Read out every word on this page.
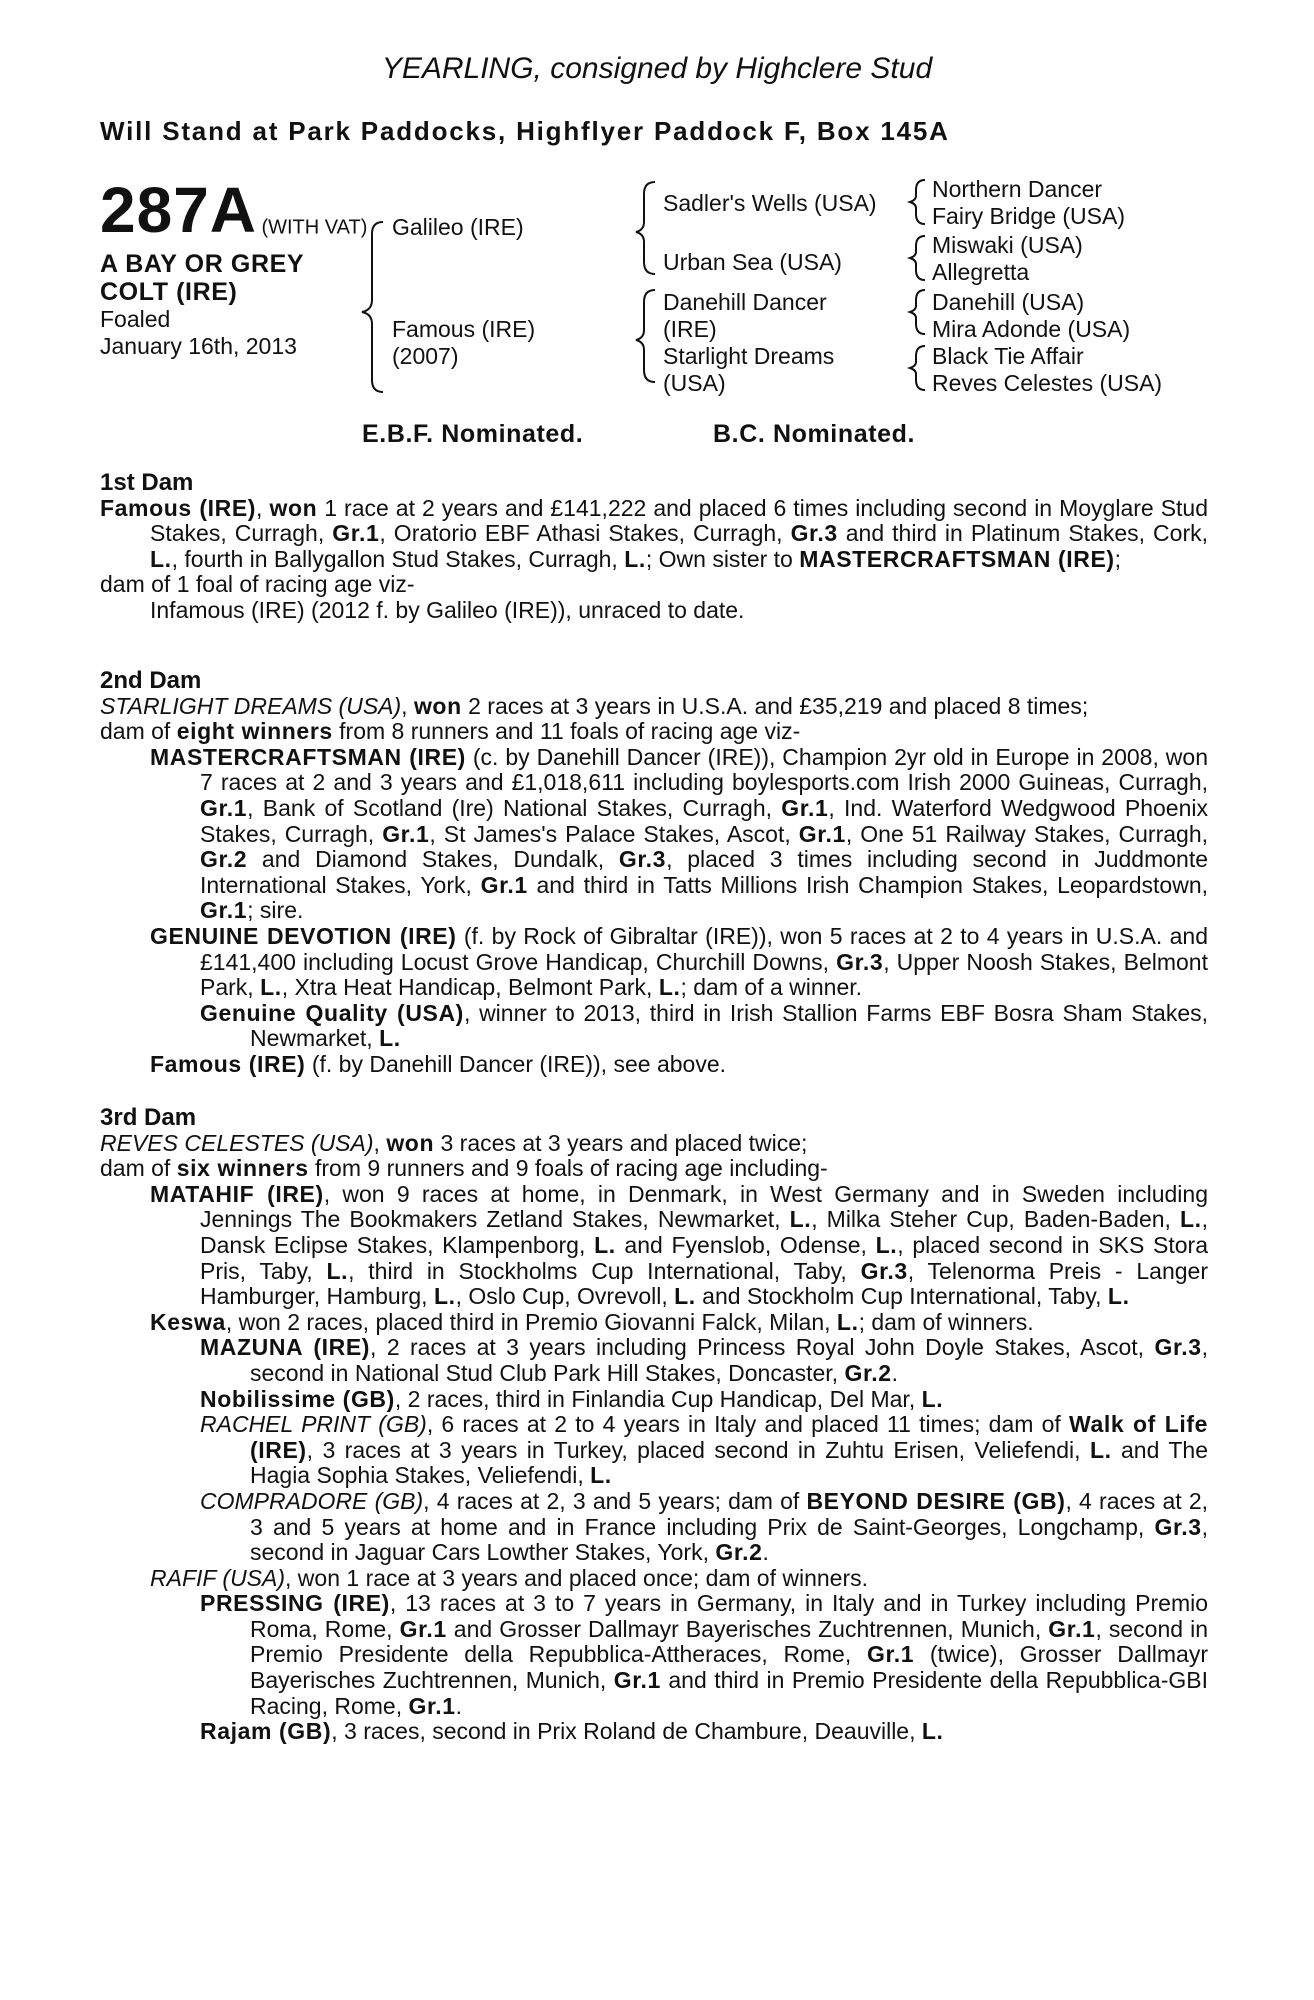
YEARLING, consigned by Highclere Stud
Will Stand at Park Paddocks, Highflyer Paddock F, Box 145A
287A (WITH VAT)
A BAY OR GREY
COLT (IRE)
Foaled
January 16th, 2013
Galileo (IRE)
Famous (IRE)
(2007)
Sadler's Wells (USA)
Urban Sea (USA)
Danehill Dancer
(IRE)
Starlight Dreams
(USA)
Northern Dancer
Fairy Bridge (USA)
Miswaki (USA)
Allegretta
Danehill (USA)
Mira Adonde (USA)
Black Tie Affair
Reves Celestes (USA)
E.B.F. Nominated.	B.C. Nominated.

1st Dam

Famous (IRE), won 1 race at 2 years and £141,222 and placed 6 times including second in Moyglare Stud Stakes, Curragh, Gr.1, Oratorio EBF Athasi Stakes, Curragh, Gr.3 and third in Platinum Stakes, Cork, L., fourth in Ballygallon Stud Stakes, Curragh, L.; Own sister to MASTERCRAFTSMAN (IRE);

dam of 1 foal of racing age viz-

Infamous (IRE) (2012 f. by Galileo (IRE)), unraced to date.

2nd Dam

STARLIGHT DREAMS (USA), won 2 races at 3 years in U.S.A. and £35,219 and placed 8 times;

dam of eight winners from 8 runners and 11 foals of racing age viz-

MASTERCRAFTSMAN (IRE) (c. by Danehill Dancer (IRE)), Champion 2yr old in Europe in 2008, won 7 races at 2 and 3 years and £1,018,611 including boylesports.com Irish 2000 Guineas, Curragh, Gr.1, Bank of Scotland (Ire) National Stakes, Curragh, Gr.1, Ind. Waterford Wedgwood Phoenix Stakes, Curragh, Gr.1, St James's Palace Stakes, Ascot, Gr.1, One 51 Railway Stakes, Curragh, Gr.2 and Diamond Stakes, Dundalk, Gr.3, placed 3 times including second in Juddmonte International Stakes, York, Gr.1 and third in Tatts Millions Irish Champion Stakes, Leopardstown, Gr.1; sire.

GENUINE DEVOTION (IRE) (f. by Rock of Gibraltar (IRE)), won 5 races at 2 to 4 years in U.S.A. and £141,400 including Locust Grove Handicap, Churchill Downs, Gr.3, Upper Noosh Stakes, Belmont Park, L., Xtra Heat Handicap, Belmont Park, L.; dam of a winner.

Genuine Quality (USA), winner to 2013, third in Irish Stallion Farms EBF Bosra Sham Stakes, Newmarket, L.

Famous (IRE) (f. by Danehill Dancer (IRE)), see above.

3rd Dam

REVES CELESTES (USA), won 3 races at 3 years and placed twice;

dam of six winners from 9 runners and 9 foals of racing age including-

MATAHIF (IRE), won 9 races at home, in Denmark, in West Germany and in Sweden including Jennings The Bookmakers Zetland Stakes, Newmarket, L., Milka Steher Cup, Baden-Baden, L., Dansk Eclipse Stakes, Klampenborg, L. and Fyenslob, Odense, L., placed second in SKS Stora Pris, Taby, L., third in Stockholms Cup International, Taby, Gr.3, Telenorma Preis - Langer Hamburger, Hamburg, L., Oslo Cup, Ovrevoll, L. and Stockholm Cup International, Taby, L.

Keswa, won 2 races, placed third in Premio Giovanni Falck, Milan, L.; dam of winners.

MAZUNA (IRE), 2 races at 3 years including Princess Royal John Doyle Stakes, Ascot, Gr.3, second in National Stud Club Park Hill Stakes, Doncaster, Gr.2.

Nobilissime (GB), 2 races, third in Finlandia Cup Handicap, Del Mar, L.

RACHEL PRINT (GB), 6 races at 2 to 4 years in Italy and placed 11 times; dam of Walk of Life (IRE), 3 races at 3 years in Turkey, placed second in Zuhtu Erisen, Veliefendi, L. and The Hagia Sophia Stakes, Veliefendi, L.

COMPRADORE (GB), 4 races at 2, 3 and 5 years; dam of BEYOND DESIRE (GB), 4 races at 2, 3 and 5 years at home and in France including Prix de Saint-Georges, Longchamp, Gr.3, second in Jaguar Cars Lowther Stakes, York, Gr.2.

RAFIF (USA), won 1 race at 3 years and placed once; dam of winners.

PRESSING (IRE), 13 races at 3 to 7 years in Germany, in Italy and in Turkey including Premio Roma, Rome, Gr.1 and Grosser Dallmayr Bayerisches Zuchtrennen, Munich, Gr.1, second in Premio Presidente della Repubblica-Attheraces, Rome, Gr.1 (twice), Grosser Dallmayr Bayerisches Zuchtrennen, Munich, Gr.1 and third in Premio Presidente della Repubblica-GBI Racing, Rome, Gr.1.

Rajam (GB), 3 races, second in Prix Roland de Chambure, Deauville, L.
